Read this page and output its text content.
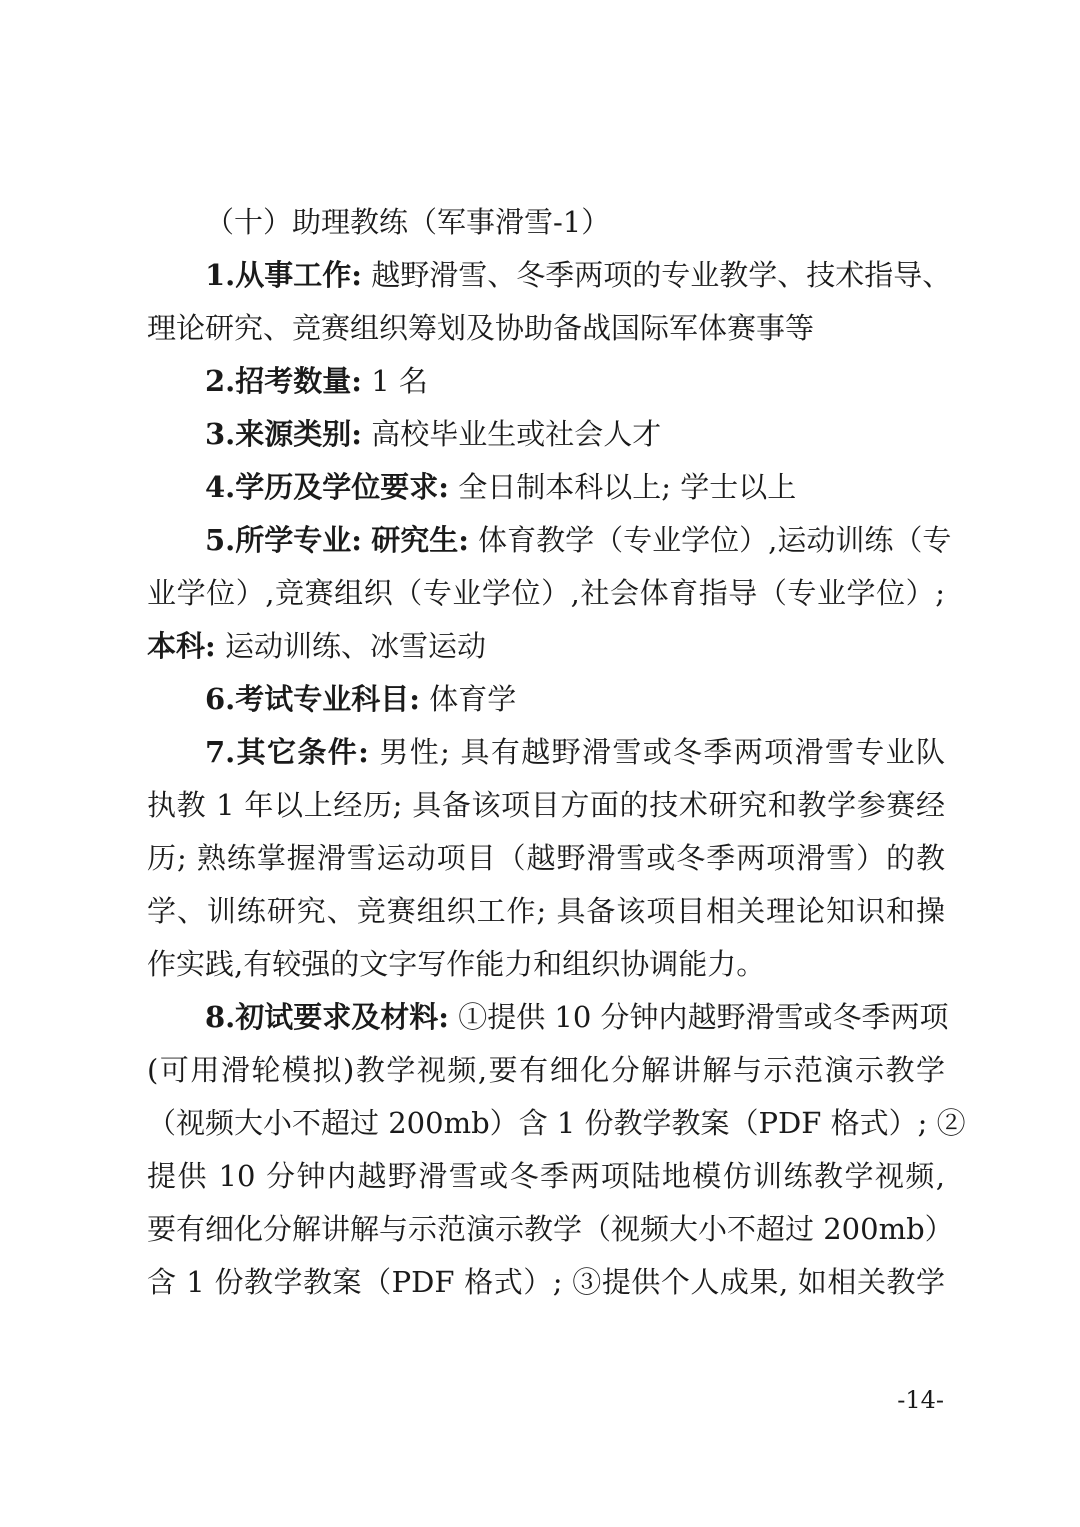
（十）助理教练（军事滑雪-1）
1.从事工作: 越野滑雪、冬季两项的专业教学、技术指导、
理论研究、竞赛组织筹划及协助备战国际军体赛事等
2.招考数量: 1 名
3.来源类别: 高校毕业生或社会人才
4.学历及学位要求: 全日制本科以上; 学士以上
5.所学专业: 研究生: 体育教学（专业学位）,运动训练（专
业学位）,竞赛组织（专业学位）,社会体育指导（专业学位）;
本科: 运动训练、冰雪运动
6.考试专业科目: 体育学
7.其它条件: 男性; 具有越野滑雪或冬季两项滑雪专业队
执教 1 年以上经历; 具备该项目方面的技术研究和教学参赛经
历; 熟练掌握滑雪运动项目（越野滑雪或冬季两项滑雪）的教
学、训练研究、竞赛组织工作; 具备该项目相关理论知识和操
作实践,有较强的文字写作能力和组织协调能力。
8.初试要求及材料: ①提供 10 分钟内越野滑雪或冬季两项
(可用滑轮模拟)教学视频,要有细化分解讲解与示范演示教学
（视频大小不超过 200mb）含 1 份教学教案（PDF 格式）; ②
提供 10 分钟内越野滑雪或冬季两项陆地模仿训练教学视频,
要有细化分解讲解与示范演示教学（视频大小不超过 200mb）
含 1 份教学教案（PDF 格式）; ③提供个人成果, 如相关教学
-14-
